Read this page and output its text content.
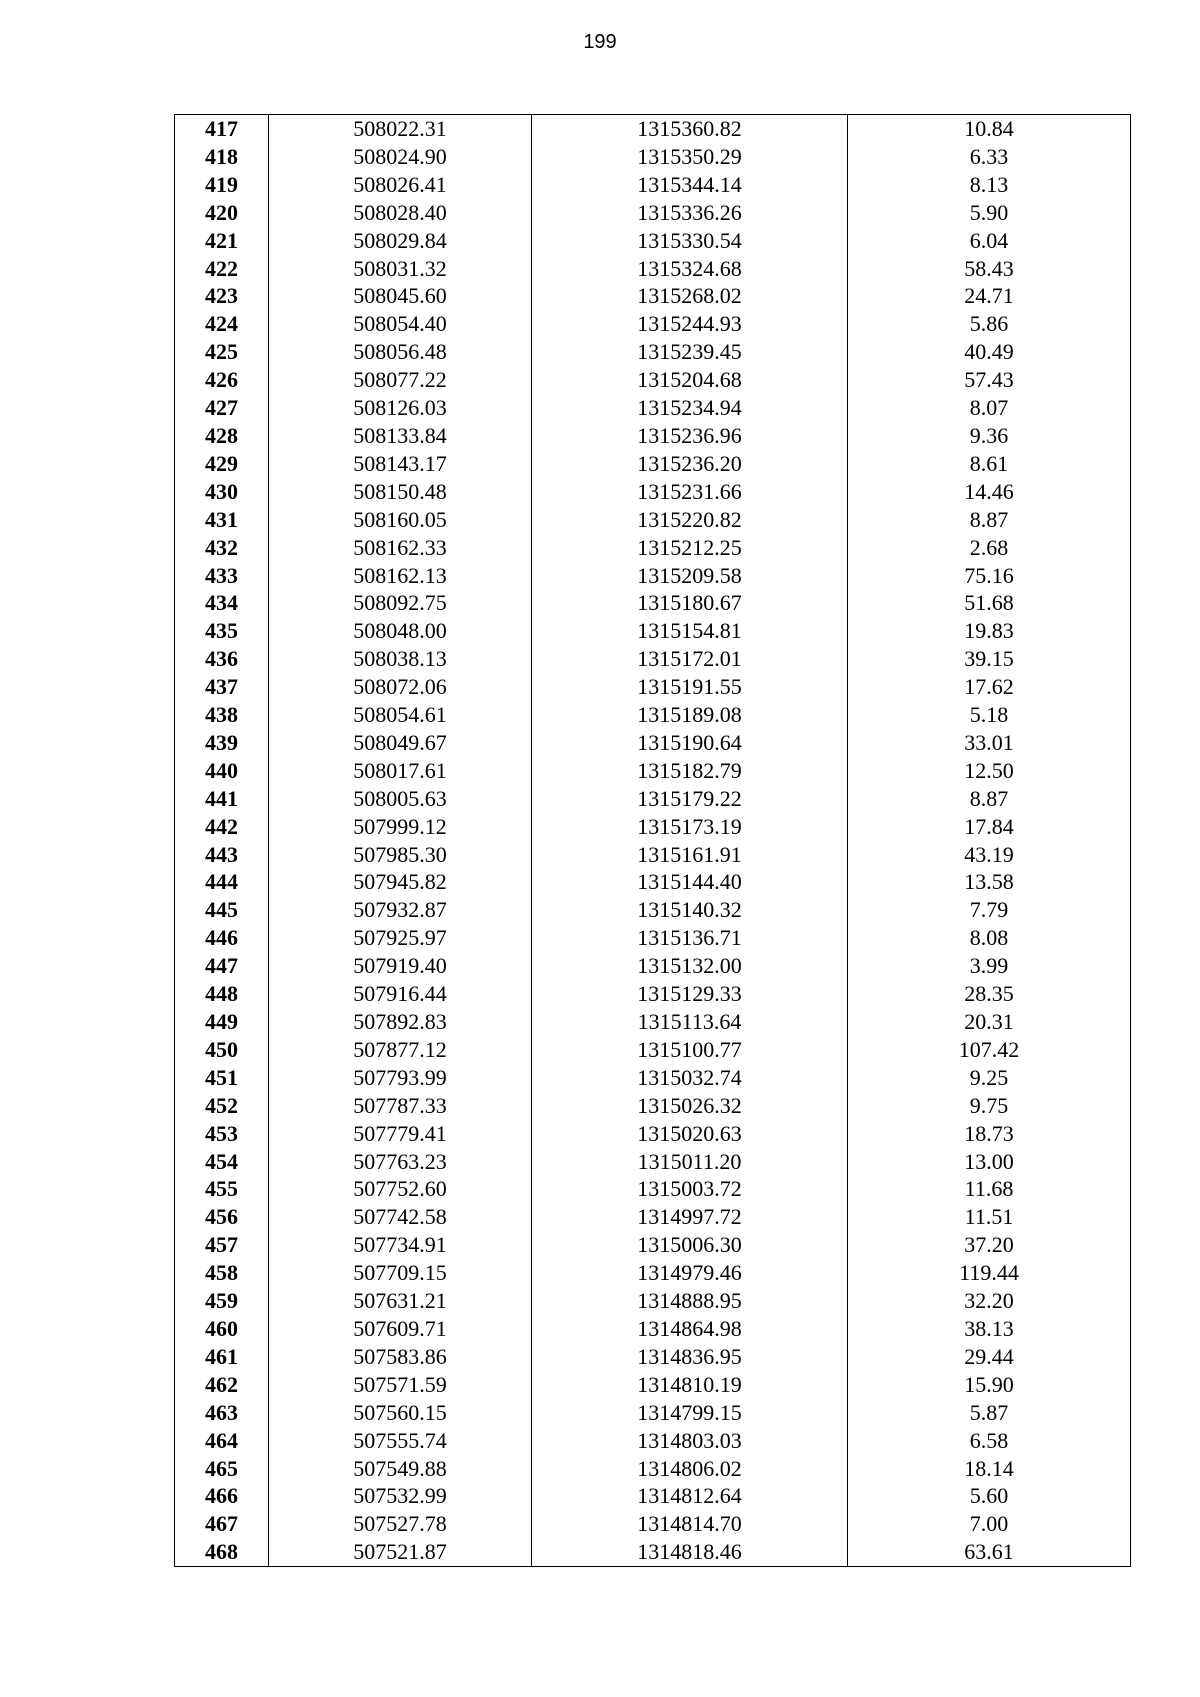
199
417	508022.31	1315360.82	10.84
418	508024.90	1315350.29	6.33
419	508026.41	1315344.14	8.13
420	508028.40	1315336.26	5.90
421	508029.84	1315330.54	6.04
422	508031.32	1315324.68	58.43
423	508045.60	1315268.02	24.71
424	508054.40	1315244.93	5.86
425	508056.48	1315239.45	40.49
426	508077.22	1315204.68	57.43
427	508126.03	1315234.94	8.07
428	508133.84	1315236.96	9.36
429	508143.17	1315236.20	8.61
430	508150.48	1315231.66	14.46
431	508160.05	1315220.82	8.87
432	508162.33	1315212.25	2.68
433	508162.13	1315209.58	75.16
434	508092.75	1315180.67	51.68
435	508048.00	1315154.81	19.83
436	508038.13	1315172.01	39.15
437	508072.06	1315191.55	17.62
438	508054.61	1315189.08	5.18
439	508049.67	1315190.64	33.01
440	508017.61	1315182.79	12.50
441	508005.63	1315179.22	8.87
442	507999.12	1315173.19	17.84
443	507985.30	1315161.91	43.19
444	507945.82	1315144.40	13.58
445	507932.87	1315140.32	7.79
446	507925.97	1315136.71	8.08
447	507919.40	1315132.00	3.99
448	507916.44	1315129.33	28.35
449	507892.83	1315113.64	20.31
450	507877.12	1315100.77	107.42
451	507793.99	1315032.74	9.25
452	507787.33	1315026.32	9.75
453	507779.41	1315020.63	18.73
454	507763.23	1315011.20	13.00
455	507752.60	1315003.72	11.68
456	507742.58	1314997.72	11.51
457	507734.91	1315006.30	37.20
458	507709.15	1314979.46	119.44
459	507631.21	1314888.95	32.20
460	507609.71	1314864.98	38.13
461	507583.86	1314836.95	29.44
462	507571.59	1314810.19	15.90
463	507560.15	1314799.15	5.87
464	507555.74	1314803.03	6.58
465	507549.88	1314806.02	18.14
466	507532.99	1314812.64	5.60
467	507527.78	1314814.70	7.00
468	507521.87	1314818.46	63.61
